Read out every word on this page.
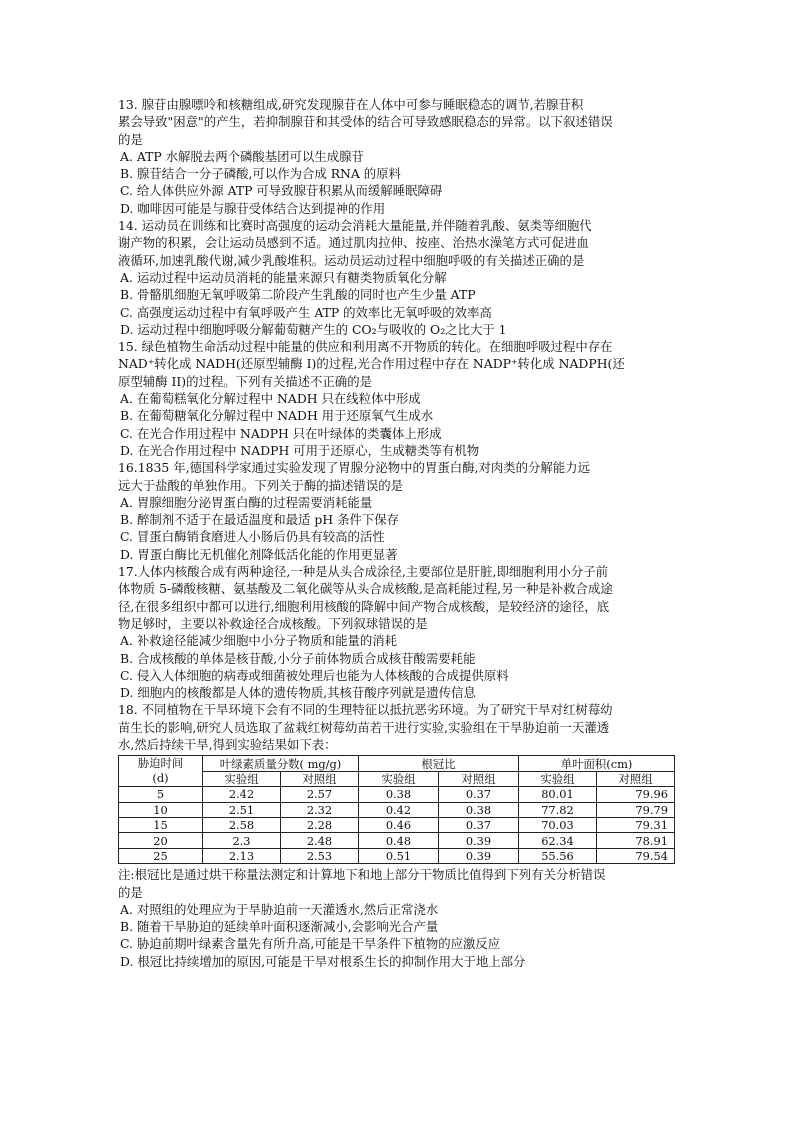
13. 腺苷由腺嘌呤和核糖组成,研究发现腺苷在人体中可参与睡眠稳态的调节,若腺苷积
累会导致"困意"的产生，若抑制腺苷和其受体的结合可导致感眠稳态的异常。以下叙述错误
的是
A. ATP 水解脱去两个磷酸基团可以生成腺苷
B. 腺苷结合一分子磷酸,可以作为合成 RNA 的原料
C. 给人体供应外源 ATP 可导致腺苷积累从而缓解睡眠障碍
D. 咖啡因可能是与腺苷受体结合达到提神的作用
14. 运动员在训练和比赛时高强度的运动会消耗大量能量,并伴随着乳酸、氨类等细胞代
谢产物的积累，会让运动员感到不适。通过肌肉拉伸、按座、治热水澡笔方式可促进血
液循环,加速乳酸代谢,减少乳酸堆积。运动员运动过程中细胞呼吸的有关描述正确的是
A. 运动过程中运动员消耗的能量来源只有糖类物质氧化分解
B. 骨骼肌细胞无氧呼吸第二阶段产生乳酸的同时也产生少量 ATP
C. 高强度运动过程中有氧呼吸产生 ATP 的效率比无氧呼吸的效率高
D. 运动过程中细胞呼吸分解葡萄糖产生的 CO₂与吸收的 O₂之比大于 1
15. 绿色植物生命活动过程中能量的供应和利用离不开物质的转化。在细胞呼吸过程中存在
NAD⁺转化成 NADH(还原型辅酶 I)的过程,光合作用过程中存在 NADP⁺转化成 NADPH(还
原型辅酶 II)的过程。下列有关描述不正确的是
A. 在葡萄糕氧化分解过程中 NADH 只在线粒体中形成
B. 在葡萄糖氧化分解过程中 NADH 用于还原氧气生成水
C. 在光合作用过程中 NADPH 只在叶绿体的类囊体上形成
D. 在光合作用过程中 NADPH 可用于还原心，生成糖类等有机物
16.1835 年,德国科学家通过实验发现了胃腺分泌物中的胃蛋白酶,对肉类的分解能力远
远大于盐酸的单独作用。下列关于酶的描述错误的是
A. 胃腺细胞分泌胃蛋白酶的过程需要消耗能量
B. 醉制剂不适于在最适温度和最适 pH 条件下保存
C. 冒蛋白酶销食磨进人小肠后仍具有较高的活性
D. 胃蛋白酶比无机催化剂降低活化能的作用更显著
17.人体内核酸合成有两种途径,一种是从头合成涂径,主要部位是肝脏,即细胞利用小分子前
体物质 5-磷酸核糖、氨基酸及二氧化碳等从头合成核酸,是高耗能过程,另一种是补救合成途
径,在很多组织中都可以进行,细胞利用核酸的降解中间产物合成核酸，是较经济的途径，底
物足够时，主要以补救途径合成核酸。下列叙球错误的是
A. 补救途径能减少细胞中小分子物质和能量的消耗
B. 合成核酸的单体是核苷酸,小分子前体物质合成核苷酸需要耗能
C. 侵入人体细胞的病毒或细菌被处理后也能为人体核酸的合成提供原料
D. 细胞内的核酸都是人体的遗传物质,其核苷酸序列就是遗传信息
18. 不同植物在干旱环境下会有不同的生理特征以抵抗恶劣环境。为了研究干旱对红树莓幼
苗生长的影响,研究人员选取了盆栽红树莓幼苗若干进行实验,实验组在干旱胁迫前一天灌透
水,然后持续干旱,得到实验结果如下表：
胁迫时间
(d)	叶绿素质量分数( mg/g)		根冠比		单叶面积(cm)	
	实验组	对照组	实验组	对照组	实验组	对照组
5	2.42	2.57	0.38	0.37	80.01	79.96
10	2.51	2.32	0.42	0.38	77.82	79.79
15	2.58	2.28	0.46	0.37	70.03	79.31
20	2.3	2.48	0.48	0.39	62.34	78.91
25	2.13	2.53	0.51	0.39	55.56	79.54
注:根冠比是通过烘干称量法测定和计算地下和地上部分干物质比值得到下列有关分析错误
的是
A. 对照组的处理应为于旱胁迫前一天灌透水,然后正常浇水
B. 随着干旱胁迫的延续单叶面积逐渐减小,会影响光合产量
C. 胁迫前期叶绿素含量先有所升高,可能是干旱条件下植物的应激反应
D. 根冠比持续增加的原因,可能是干旱对根系生长的抑制作用大于地上部分
